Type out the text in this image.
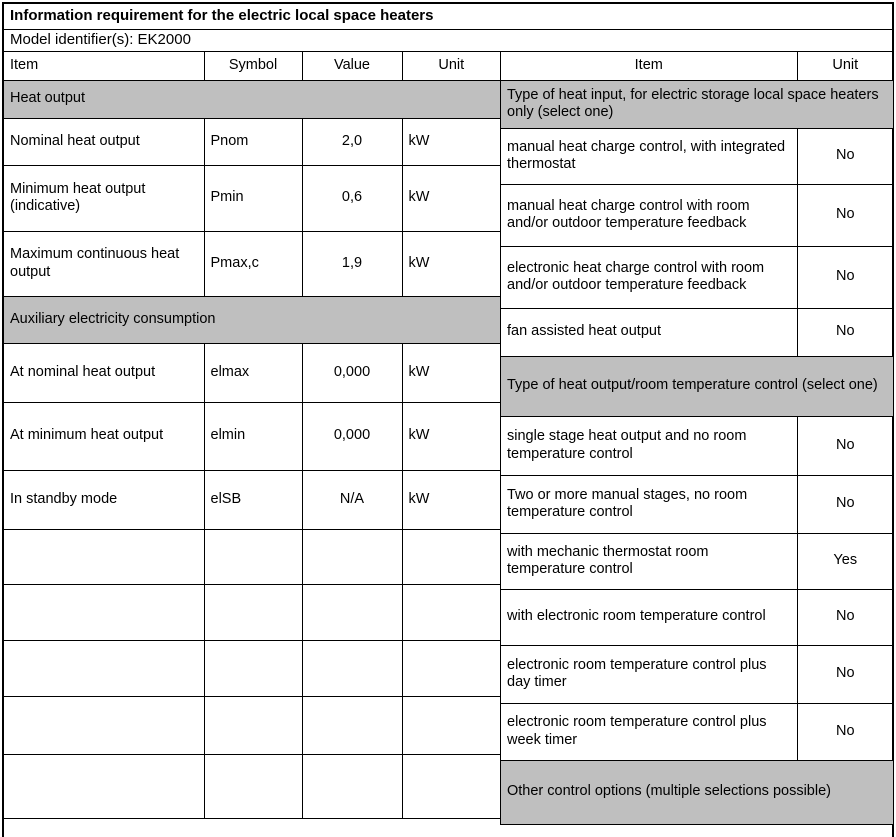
Information requirement for the electric local space heaters
Model identifier(s): EK2000
Item	Symbol	Value	Unit
Heat output			
Nominal heat output	Pnom	2,0	kW
Minimum heat output (indicative)	Pmin	0,6	kW
Maximum continuous heat output	Pmax,c	1,9	kW
Auxiliary electricity consumption			
At nominal heat output	elmax	0,000	kW
At minimum heat output	elmin	0,000	kW
In standby mode	elSB	N/A	kW

Item	Unit
Type of heat input, for electric storage local space heaters only (select one)	
manual heat charge control, with integrated thermostat	No
manual heat charge control with room and/or outdoor temperature feedback	No
electronic heat charge control with room and/or outdoor temperature feedback	No
fan assisted heat output	No
Type of heat output/room temperature control (select one)	
single stage heat output and no room temperature control	No
Two or more manual stages, no room temperature control	No
with mechanic thermostat room temperature control	Yes
with electronic room temperature control	No
electronic room temperature control plus day timer	No
electronic room temperature control plus week timer	No
Other control options (multiple selections possible)	
